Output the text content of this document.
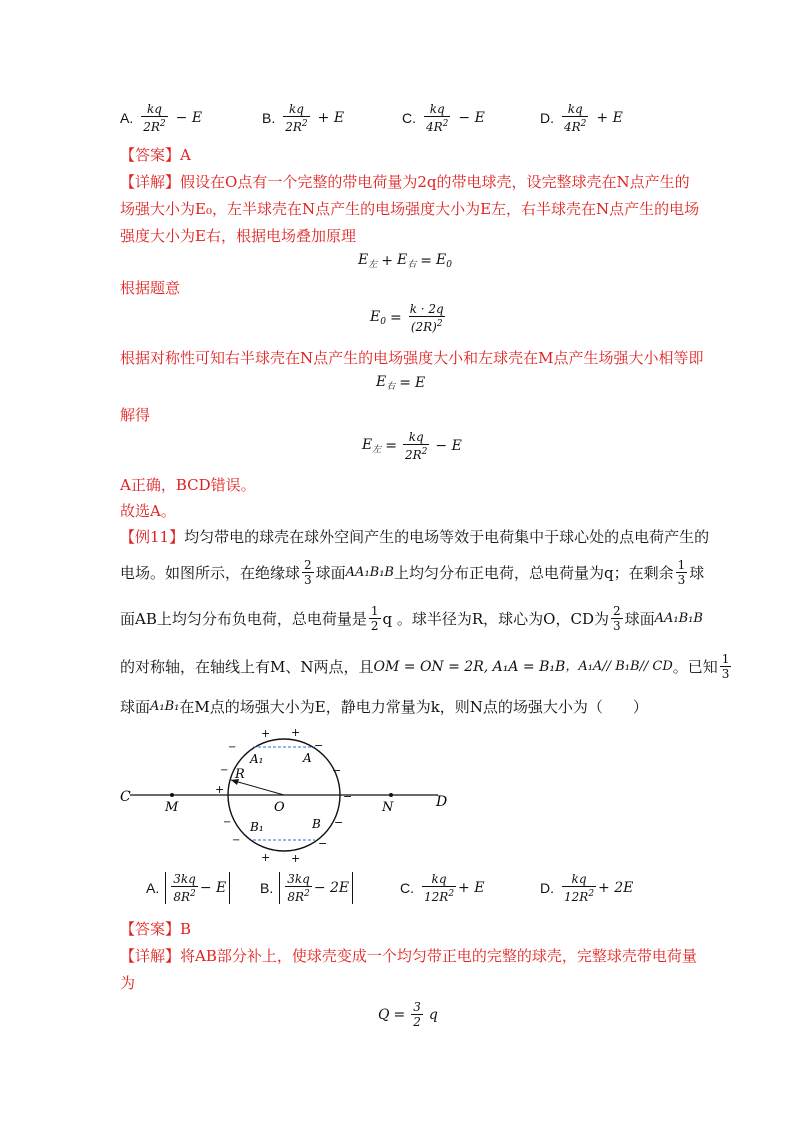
A. $\frac{kq}{2R^2} - E$	B. $\frac{kq}{2R^2} + E$	C. $\frac{kq}{4R^2} - E$	D. $\frac{kq}{4R^2} + E$
【答案】A
【详解】假设在O点有一个完整的带电荷量为2q的带电球壳，设完整球壳在N点产生的
场强大小为E₀，左半球壳在N点产生的电场强度大小为E左，右半球壳在N点产生的电场
强度大小为E右，根据电场叠加原理
$E_左 + E_右 = E_0$
根据题意
$E_0 = \frac{k \cdot 2q}{(2R)^2}$
根据对称性可知右半球壳在N点产生的电场强度大小和左球壳在M点产生场强大小相等即
$E_右 = E$
解得
$E_左 = \frac{kq}{2R^2} - E$
A正确，BCD错误。
故选A。
【例11】均匀带电的球壳在球外空间产生的电场等效于电荷集中于球心处的点电荷产生的
电场。如图所示，在绝缘球 $\frac{2}{3}$ 球面 AA₁B₁B 上均匀分布正电荷，总电荷量为q；在剩余 $\frac{1}{3}$ 球
面AB上均匀分布负电荷，总电荷量是 $\frac{1}{2}$ q 。球半径为R，球心为O，CD为 $\frac{2}{3}$ 球面 AA₁B₁B
的对称轴，在轴线上有M、N两点，且 OM = ON = 2R, A₁A = B₁B ，A₁A// B₁B// CD 。已知 $\frac{1}{3}$
球面 A₁B₁ 在M点的场强大小为E，静电力常量为k，则N点的场强大小为（　　）
C
M	O	N	D
R
A₁	A
B₁	B
+ +
+ +
+
−
−
−
−
−
−
−
−
−
A. $\frac{3kq}{8R^2} - E$ B. $\frac{3kq}{8R^2} - 2E$	C. $\frac{kq}{12R^2} + E$	D. $\frac{kq}{12R^2} + 2E$
【答案】B
【详解】将AB部分补上，使球壳变成一个均匀带正电的完整的球壳，完整球壳带电荷量
为
$Q = \frac{3}{2}$ q
